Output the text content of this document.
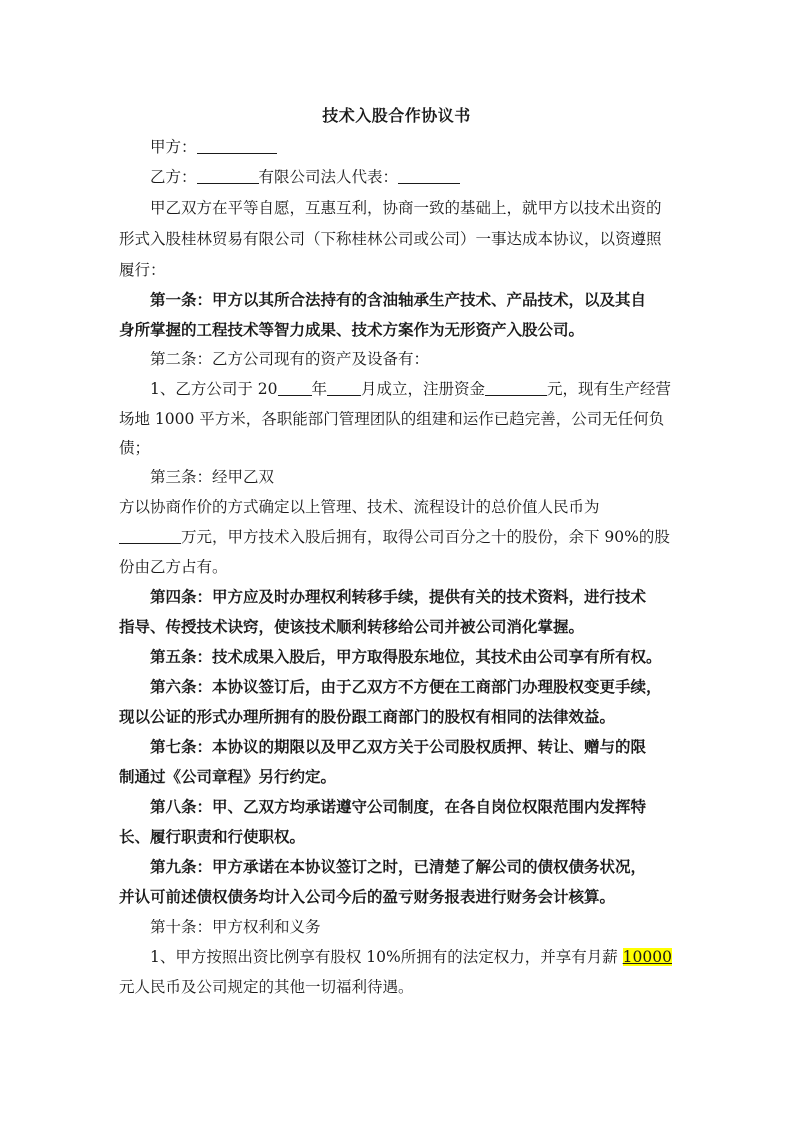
技术入股合作协议书
甲方：
乙方：	有限公司法人代表：
甲乙双方在平等自愿，互惠互利，协商一致的基础上，就甲方以技术出资的
形式入股桂林贸易有限公司（下称桂林公司或公司）一事达成本协议，以资遵照
履行：
第一条：甲方以其所合法持有的含油轴承生产技术、产品技术，以及其自
身所掌握的工程技术等智力成果、技术方案作为无形资产入股公司。
第二条：乙方公司现有的资产及设备有：
1、乙方公司于 20 年 月成立，注册资金	元，现有生产经营
场地 1000 平方米，各职能部门管理团队的组建和运作已趋完善，公司无任何负
债；
第三条：经甲乙双
方以协商作价的方式确定以上管理、技术、流程设计的总价值人民币为
万元，甲方技术入股后拥有，取得公司百分之十的股份，余下 90%的股
份由乙方占有。
第四条：甲方应及时办理权利转移手续，提供有关的技术资料，进行技术
指导、传授技术诀窍，使该技术顺利转移给公司并被公司消化掌握。
第五条：技术成果入股后，甲方取得股东地位，其技术由公司享有所有权。
第六条：本协议签订后，由于乙双方不方便在工商部门办理股权变更手续，
现以公证的形式办理所拥有的股份跟工商部门的股权有相同的法律效益。
第七条：本协议的期限以及甲乙双方关于公司股权质押、转让、赠与的限
制通过《公司章程》另行约定。
第八条：甲、乙双方均承诺遵守公司制度，在各自岗位权限范围内发挥特
长、履行职责和行使职权。
第九条：甲方承诺在本协议签订之时，已清楚了解公司的债权债务状况，
并认可前述债权债务均计入公司今后的盈亏财务报表进行财务会计核算。
第十条：甲方权利和义务
1、甲方按照出资比例享有股权 10%所拥有的法定权力，并享有月薪 10000
元人民币及公司规定的其他一切福利待遇。
